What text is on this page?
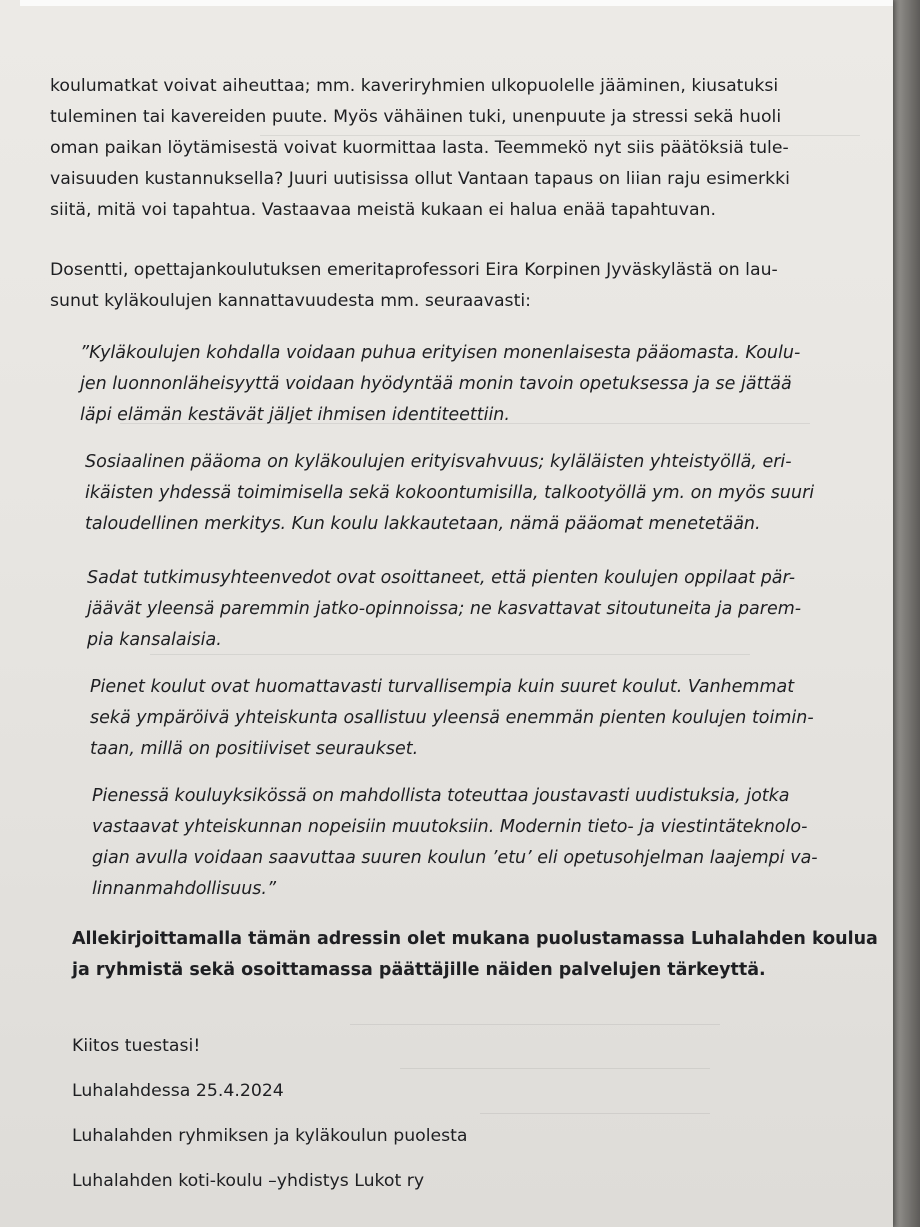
koulumatkat voivat aiheuttaa; mm. kaveriryhmien ulkopuolelle jääminen, kiusatuksi
tuleminen tai kavereiden puute. Myös vähäinen tuki, unenpuute ja stressi sekä huoli
oman paikan löytämisestä voivat kuormittaa lasta. Teemmekö nyt siis päätöksiä tule-
vaisuuden kustannuksella? Juuri uutisissa ollut Vantaan tapaus on liian raju esimerkki
siitä, mitä voi tapahtua. Vastaavaa meistä kukaan ei halua enää tapahtuvan.

Dosentti, opettajankoulutuksen emeritaprofessori Eira Korpinen Jyväskylästä on lau-
sunut kyläkoulujen kannattavuudesta mm. seuraavasti:

”Kyläkoulujen kohdalla voidaan puhua erityisen monenlaisesta pääomasta. Koulu-
jen luonnonläheisyyttä voidaan hyödyntää monin tavoin opetuksessa ja se jättää
läpi elämän kestävät jäljet ihmisen identiteettiin.

Sosiaalinen pääoma on kyläkoulujen erityisvahvuus; kyläläisten yhteistyöllä, eri-
ikäisten yhdessä toimimisella sekä kokoontumisilla, talkootyöllä ym. on myös suuri
taloudellinen merkitys. Kun koulu lakkautetaan, nämä pääomat menetetään.

Sadat tutkimusyhteenvedot ovat osoittaneet, että pienten koulujen oppilaat pär-
jäävät yleensä paremmin jatko-opinnoissa; ne kasvattavat sitoutuneita ja parem-
pia kansalaisia.

Pienet koulut ovat huomattavasti turvallisempia kuin suuret koulut. Vanhemmat
sekä ympäröivä yhteiskunta osallistuu yleensä enemmän pienten koulujen toimin-
taan, millä on positiiviset seuraukset.

Pienessä kouluyksikössä on mahdollista toteuttaa joustavasti uudistuksia, jotka
vastaavat yhteiskunnan nopeisiin muutoksiin. Modernin tieto- ja viestintäteknolo-
gian avulla voidaan saavuttaa suuren koulun ’etu’ eli opetusohjelman laajempi va-
linnanmahdollisuus.”

Allekirjoittamalla tämän adressin olet mukana puolustamassa Luhalahden koulua
ja ryhmistä sekä osoittamassa päättäjille näiden palvelujen tärkeyttä.

Kiitos tuestasi!

Luhalahdessa 25.4.2024

Luhalahden ryhmiksen ja kyläkoulun puolesta

Luhalahden koti-koulu –yhdistys Lukot ry
